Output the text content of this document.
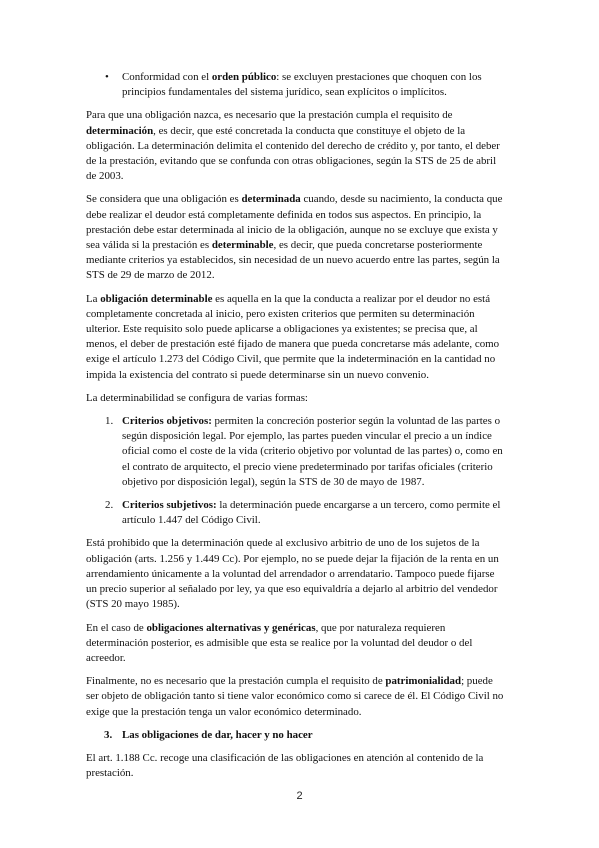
• Conformidad con el orden público: se excluyen prestaciones que choquen con los principios fundamentales del sistema jurídico, sean explícitos o implícitos.

Para que una obligación nazca, es necesario que la prestación cumpla el requisito de determinación, es decir, que esté concretada la conducta que constituye el objeto de la obligación. La determinación delimita el contenido del derecho de crédito y, por tanto, el deber de la prestación, evitando que se confunda con otras obligaciones, según la STS de 25 de abril de 2003.

Se considera que una obligación es determinada cuando, desde su nacimiento, la conducta que debe realizar el deudor está completamente definida en todos sus aspectos. En principio, la prestación debe estar determinada al inicio de la obligación, aunque no se excluye que exista y sea válida si la prestación es determinable, es decir, que pueda concretarse posteriormente mediante criterios ya establecidos, sin necesidad de un nuevo acuerdo entre las partes, según la STS de 29 de marzo de 2012.

La obligación determinable es aquella en la que la conducta a realizar por el deudor no está completamente concretada al inicio, pero existen criterios que permiten su determinación ulterior. Este requisito solo puede aplicarse a obligaciones ya existentes; se precisa que, al menos, el deber de prestación esté fijado de manera que pueda concretarse más adelante, como exige el artículo 1.273 del Código Civil, que permite que la indeterminación en la cantidad no impida la existencia del contrato si puede determinarse sin un nuevo convenio.

La determinabilidad se configura de varias formas:

1. Criterios objetivos: permiten la concreción posterior según la voluntad de las partes o según disposición legal. Por ejemplo, las partes pueden vincular el precio a un índice oficial como el coste de la vida (criterio objetivo por voluntad de las partes) o, como en el contrato de arquitecto, el precio viene predeterminado por tarifas oficiales (criterio objetivo por disposición legal), según la STS de 30 de mayo de 1987.
2. Criterios subjetivos: la determinación puede encargarse a un tercero, como permite el artículo 1.447 del Código Civil.

Está prohibido que la determinación quede al exclusivo arbitrio de uno de los sujetos de la obligación (arts. 1.256 y 1.449 Cc). Por ejemplo, no se puede dejar la fijación de la renta en un arrendamiento únicamente a la voluntad del arrendador o arrendatario. Tampoco puede fijarse un precio superior al señalado por ley, ya que eso equivaldría a dejarlo al arbitrio del vendedor (STS 20 mayo 1985).

En el caso de obligaciones alternativas y genéricas, que por naturaleza requieren determinación posterior, es admisible que esta se realice por la voluntad del deudor o del acreedor.

Finalmente, no es necesario que la prestación cumpla el requisito de patrimonialidad; puede ser objeto de obligación tanto si tiene valor económico como si carece de él. El Código Civil no exige que la prestación tenga un valor económico determinado.

3. Las obligaciones de dar, hacer y no hacer

El art. 1.188 Cc. recoge una clasificación de las obligaciones en atención al contenido de la prestación.

2
